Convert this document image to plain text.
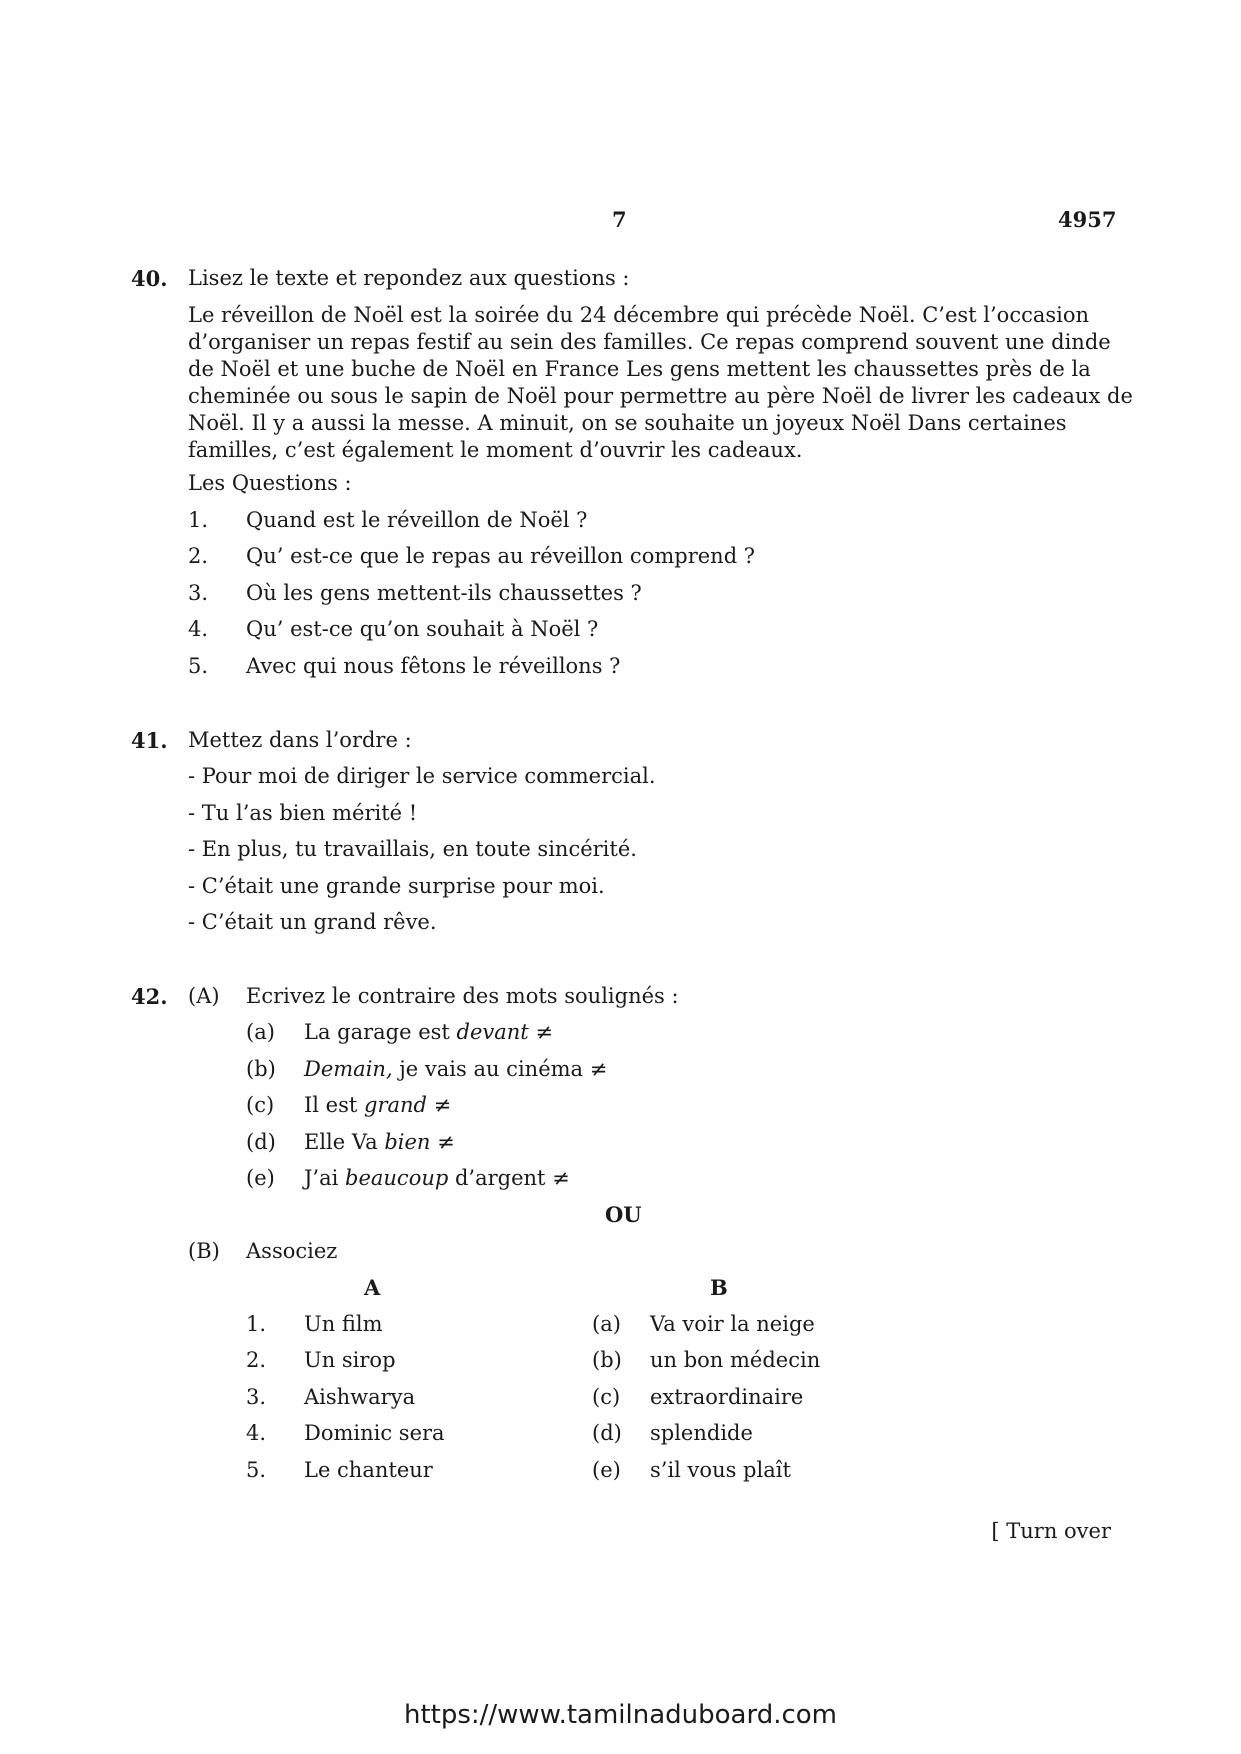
7	4957
40. Lisez le texte et repondez aux questions :
Le réveillon de Noël est la soirée du 24 décembre qui précède Noël. C’est l’occasion
d’organiser un repas festif au sein des familles. Ce repas comprend souvent une dinde
de Noël et une buche de Noël en France Les gens mettent les chaussettes près de la
cheminée ou sous le sapin de Noël pour permettre au père Noël de livrer les cadeaux de
Noël. Il y a aussi la messe. A minuit, on se souhaite un joyeux Noël Dans certaines
familles, c’est également le moment d’ouvrir les cadeaux.
Les Questions :
1. Quand est le réveillon de Noël ?
2. Qu’ est-ce que le repas au réveillon comprend ?
3. Où les gens mettent-ils chaussettes ?
4. Qu’ est-ce qu’on souhait à Noël ?
5. Avec qui nous fêtons le réveillons ?
41. Mettez dans l’ordre :
- Pour moi de diriger le service commercial.
- Tu l’as bien mérité !
- En plus, tu travaillais, en toute sincérité.
- C’était une grande surprise pour moi.
- C’était un grand rêve.
42. (A) Ecrivez le contraire des mots soulignés :
(a) La garage est devant ≠
(b) Demain, je vais au cinéma ≠
(c) Il est grand ≠
(d) Elle Va bien ≠
(e) J’ai beaucoup d’argent ≠
OU
(B) Associez
A	B
1. Un film
2. Un sirop
3. Aishwarya
4. Dominic sera
5. Le chanteur
(a) Va voir la neige
(b) un bon médecin
(c) extraordinaire
(d) splendide
(e) s’il vous plaît
[ Turn over
https://www.tamilnaduboard.com
